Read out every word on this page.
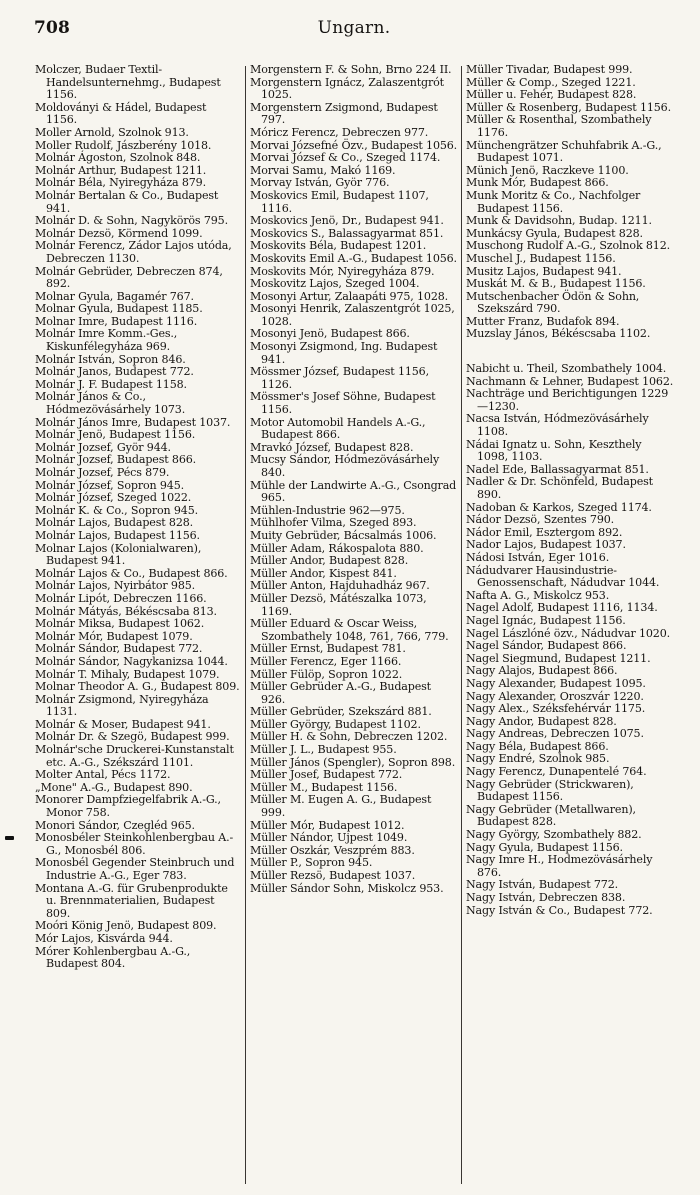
708	Ungarn.
Molczer, Budaer Textil-Handelsunternehmg., Budapest 1156.
Moldoványi & Hádel, Budapest 1156.
Moller Arnold, Szolnok 913.
Moller Rudolf, Jászberény 1018.
Molnár Ágoston, Szolnok 848.
Molnár Arthur, Budapest 1211.
Molnár Béla, Nyiregyháza 879.
Molnár Bertalan & Co., Budapest 941.
Molnár D. & Sohn, Nagykörös 795.
Molnár Dezsö, Körmend 1099.
Molnár Ferencz, Zádor Lajos utóda, Debreczen 1130.
Molnár Gebrüder, Debreczen 874, 892.
Molnar Gyula, Bagamér 767.
Molnar Gyula, Budapest 1185.
Molnar Imre, Budapest 1116.
Molnár Imre Komm.-Ges., Kiskunfélegyháza 969.
Molnár István, Sopron 846.
Molnár Janos, Budapest 772.
Molnár J. F. Budapest 1158.
Molnár János & Co., Hódmezövásárhely 1073.
Molnár János Imre, Budapest 1037.
Molnár Jenö, Budapest 1156.
Molnár Jozsef, Györ 944.
Molnár Jozsef, Budapest 866.
Molnár Jozsef, Pécs 879.
Molnár József, Sopron 945.
Molnár József, Szeged 1022.
Molnár K. & Co., Sopron 945.
Molnár Lajos, Budapest 828.
Molnár Lajos, Budapest 1156.
Molnar Lajos (Kolonialwaren), Budapest 941.
Molnár Lajos & Co., Budapest 866.
Molnár Lajos, Nyirbátor 985.
Molnár Lipót, Debreczen 1166.
Molnár Mátyás, Békéscsaba 813.
Molnár Miksa, Budapest 1062.
Molnár Mór, Budapest 1079.
Molnár Sándor, Budapest 772.
Molnár Sándor, Nagykanizsa 1044.
Molnár T. Mihaly, Budapest 1079.
Molnar Theodor A. G., Budapest 809.
Molnár Zsigmond, Nyiregyháza 1131.
Molnár & Moser, Budapest 941.
Molnár Dr. & Szegö, Budapest 999.
Molnár'sche Druckerei-Kunstanstalt etc. A.-G., Székszárd 1101.
Molter Antal, Pécs 1172.
„Mone" A.-G., Budapest 890.
Monorer Dampfziegelfabrik A.-G., Monor 758.
Monori Sándor, Czegléd 965.
Monosbéler Steinkohlenbergbau A.-G., Monosbél 806.
Monosbél Gegender Steinbruch und Industrie A.-G., Eger 783.
Montana A.-G. für Grubenprodukte u. Brennmaterialien, Budapest 809.
Moóri König Jenö, Budapest 809.
Mór Lajos, Kisvárda 944.
Mórer Kohlenbergbau A.-G., Budapest 804.
Morgenstern F. & Sohn, Brno 224 II.
Morgenstern Ignácz, Zalaszentgrót 1025.
Morgenstern Zsigmond, Budapest 797.
Móricz Ferencz, Debreczen 977.
Morvai Józsefné Özv., Budapest 1056.
Morvai József & Co., Szeged 1174.
Morvai Samu, Makó 1169.
Morvay István, Györ 776.
Moskovics Emil, Budapest 1107, 1116.
Moskovics Jenö, Dr., Budapest 941.
Moskovics S., Balassagyarmat 851.
Moskovits Béla, Budapest 1201.
Moskovits Emil A.-G., Budapest 1056.
Moskovits Mór, Nyiregyháza 879.
Moskovitz Lajos, Szeged 1004.
Mosonyi Artur, Zalaapáti 975, 1028.
Mosonyi Henrik, Zalaszentgrót 1025, 1028.
Mosonyi Jenö, Budapest 866.
Mosonyi Zsigmond, Ing. Budapest 941.
Mössmer József, Budapest 1156, 1126.
Mössmer's Josef Söhne, Budapest 1156.
Motor Automobil Handels A.-G., Budapest 866.
Mravkó József, Budapest 828.
Mucsy Sándor, Hódmezövásárhely 840.
Mühle der Landwirte A.-G., Csongrad 965.
Mühlen-Industrie 962—975.
Mühlhofer Vilma, Szeged 893.
Muity Gebrüder, Bácsalmás 1006.
Müller Adam, Rákospalota 880.
Müller Andor, Budapest 828.
Müller Andor, Kispest 841.
Müller Anton, Hajduhadház 967.
Müller Dezsö, Mátészalka 1073, 1169.
Müller Eduard & Oscar Weiss, Szombathely 1048, 761, 766, 779.
Müller Ernst, Budapest 781.
Müller Ferencz, Eger 1166.
Müller Fülöp, Sopron 1022.
Müller Gebrüder A.-G., Budapest 926.
Müller Gebrüder, Szekszárd 881.
Müller György, Budapest 1102.
Müller H. & Sohn, Debreczen 1202.
Müller J. L., Budapest 955.
Müller János (Spengler), Sopron 898.
Müller Josef, Budapest 772.
Müller M., Budapest 1156.
Müller M. Eugen A. G., Budapest 999.
Müller Mór, Budapest 1012.
Müller Nándor, Ujpest 1049.
Müller Oszkár, Veszprém 883.
Müller P., Sopron 945.
Müller Rezsö, Budapest 1037.
Müller Sándor Sohn, Miskolcz 953.
Müller Tivadar, Budapest 999.
Müller & Comp., Szeged 1221.
Müller u. Fehér, Budapest 828.
Müller & Rosenberg, Budapest 1156.
Müller & Rosenthal, Szombathely 1176.
Münchengrätzer Schuhfabrik A.-G., Budapest 1071.
Münich Jenö, Raczkeve 1100.
Munk Mór, Budapest 866.
Munk Moritz & Co., Nachfolger Budapest 1156.
Munk & Davidsohn, Budap. 1211.
Munkácsy Gyula, Budapest 828.
Muschong Rudolf A.-G., Szolnok 812.
Muschel J., Budapest 1156.
Musitz Lajos, Budapest 941.
Muskát M. & B., Budapest 1156.
Mutschenbacher Ödön & Sohn, Szekszárd 790.
Mutter Franz, Budafok 894.
Muzslay János, Békéscsaba 1102.
Nabicht u. Theil, Szombathely 1004.
Nachmann & Lehner, Budapest 1062.
Nachträge und Berichtigungen 1229—1230.
Nacsa István, Hódmezövásárhely 1108.
Nádai Ignatz u. Sohn, Keszthely 1098, 1103.
Nadel Ede, Ballassagyarmat 851.
Nadler & Dr. Schönfeld, Budapest 890.
Nadoban & Karkos, Szeged 1174.
Nádor Dezsö, Szentes 790.
Nádor Emil, Esztergom 892.
Nador Lajos, Budapest 1037.
Nádosi István, Eger 1016.
Nádudvarer Hausindustrie-Genossenschaft, Nádudvar 1044.
Nafta A. G., Miskolcz 953.
Nagel Adolf, Budapest 1116, 1134.
Nagel Ignác, Budapest 1156.
Nagel Lászlóné özv., Nádudvar 1020.
Nagel Sándor, Budapest 866.
Nagel Siegmund, Budapest 1211.
Nagy Alajos, Budapest 866.
Nagy Alexander, Budapest 1095.
Nagy Alexander, Oroszvár 1220.
Nagy Alex., Széksfehérvár 1175.
Nagy Andor, Budapest 828.
Nagy Andreas, Debreczen 1075.
Nagy Béla, Budapest 866.
Nagy Endré, Szolnok 985.
Nagy Ferencz, Dunapentelé 764.
Nagy Gebrüder (Strickwaren), Budapest 1156.
Nagy Gebrüder (Metallwaren), Budapest 828.
Nagy György, Szombathely 882.
Nagy Gyula, Budapest 1156.
Nagy Imre H., Hodmezövásárhely 876.
Nagy István, Budapest 772.
Nagy István, Debreczen 838.
Nagy István & Co., Budapest 772.
